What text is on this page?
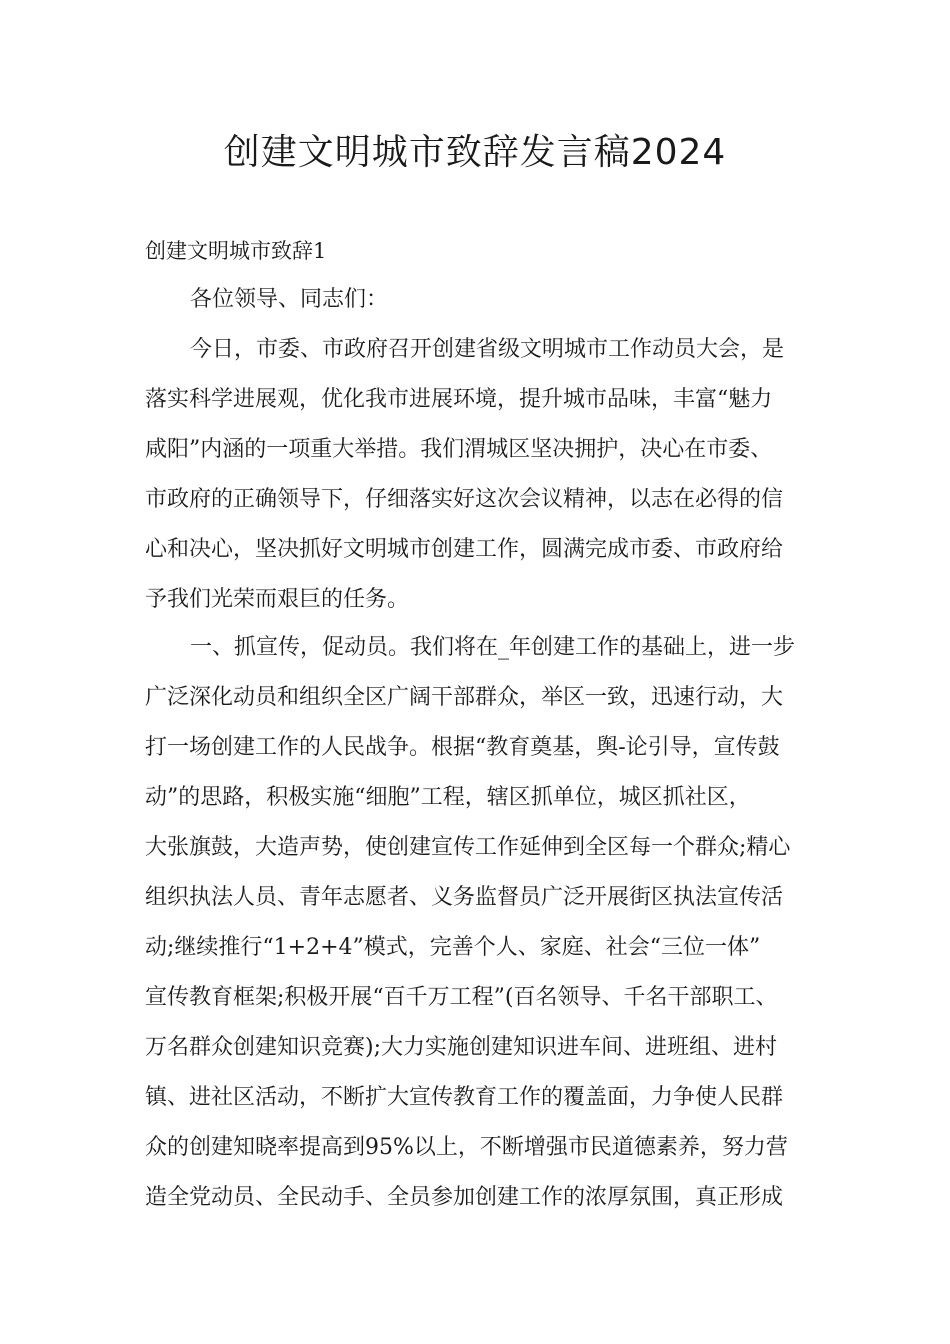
创建文明城市致辞发言稿2024
创建文明城市致辞1

各位领导、同志们：

今日，市委、市政府召开创建省级文明城市工作动员大会，是
落实科学进展观，优化我市进展环境，提升城市品味，丰富“魅力
咸阳”内涵的一项重大举措。我们渭城区坚决拥护，决心在市委、
市政府的正确领导下，仔细落实好这次会议精神，以志在必得的信
心和决心，坚决抓好文明城市创建工作，圆满完成市委、市政府给
予我们光荣而艰巨的任务。

一、抓宣传，促动员。我们将在_年创建工作的基础上，进一步
广泛深化动员和组织全区广阔干部群众，举区一致，迅速行动，大
打一场创建工作的人民战争。根据“教育奠基，舆-论引导，宣传鼓
动”的思路，积极实施“细胞”工程，辖区抓单位，城区抓社区，
大张旗鼓，大造声势，使创建宣传工作延伸到全区每一个群众;精心
组织执法人员、青年志愿者、义务监督员广泛开展街区执法宣传活
动;继续推行“1+2+4”模式，完善个人、家庭、社会“三位一体”
宣传教育框架;积极开展“百千万工程”(百名领导、千名干部职工、
万名群众创建知识竞赛);大力实施创建知识进车间、进班组、进村
镇、进社区活动，不断扩大宣传教育工作的覆盖面，力争使人民群
众的创建知晓率提高到95%以上，不断增强市民道德素养，努力营
造全党动员、全民动手、全员参加创建工作的浓厚氛围，真正形成
